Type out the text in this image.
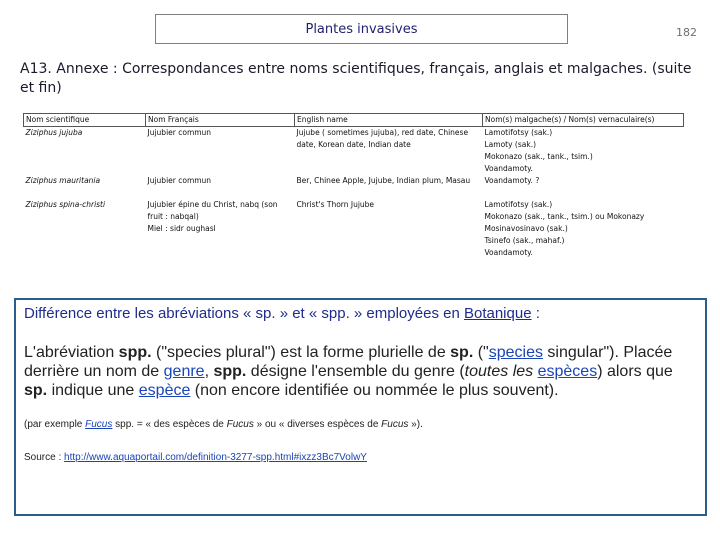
Plantes invasives	182
A13. Annexe : Correspondances entre noms scientifiques, français, anglais et malgaches. (suite et fin)
Nom scientifique	Nom Français	English name	Nom(s) malgache(s) / Nom(s) vernaculaire(s)
Ziziphus jujuba	Jujubier commun	Jujube ( sometimes jujuba), red date, Chinese	Lamotifotsy (sak.)
		date, Korean date, Indian date	Lamoty (sak.)
			Mokonazo (sak., tank., tsim.)
			Voandamoty.
Ziziphus mauritania	Jujubier commun	Ber, Chinee Apple, Jujube, Indian plum, Masau	Voandamoty. ?

Ziziphus spina-christi	Jujubier épine du Christ, nabq (son	Christ's Thorn Jujube	Lamotifotsy (sak.)
	fruit : nabqal)		Mokonazo (sak., tank., tsim.) ou Mokonazy
	Miel : sidr oughasl		Mosinavosinavo (sak.)
			Tsinefo (sak., mahaf.)
			Voandamoty.
Différence entre les abréviations « sp. » et « spp. » employées en Botanique :
L'abréviation spp. ("species plural") est la forme plurielle de sp. ("species singular"). Placée derrière un nom de genre, spp. désigne l'ensemble du genre (toutes les espèces) alors que sp. indique une espèce (non encore identifiée ou nommée le plus souvent).
(par exemple Fucus spp. = « des espèces de Fucus » ou « diverses espèces de Fucus »).
Source : http://www.aquaportail.com/definition-3277-spp.html#ixzz3Bc7VolwY
